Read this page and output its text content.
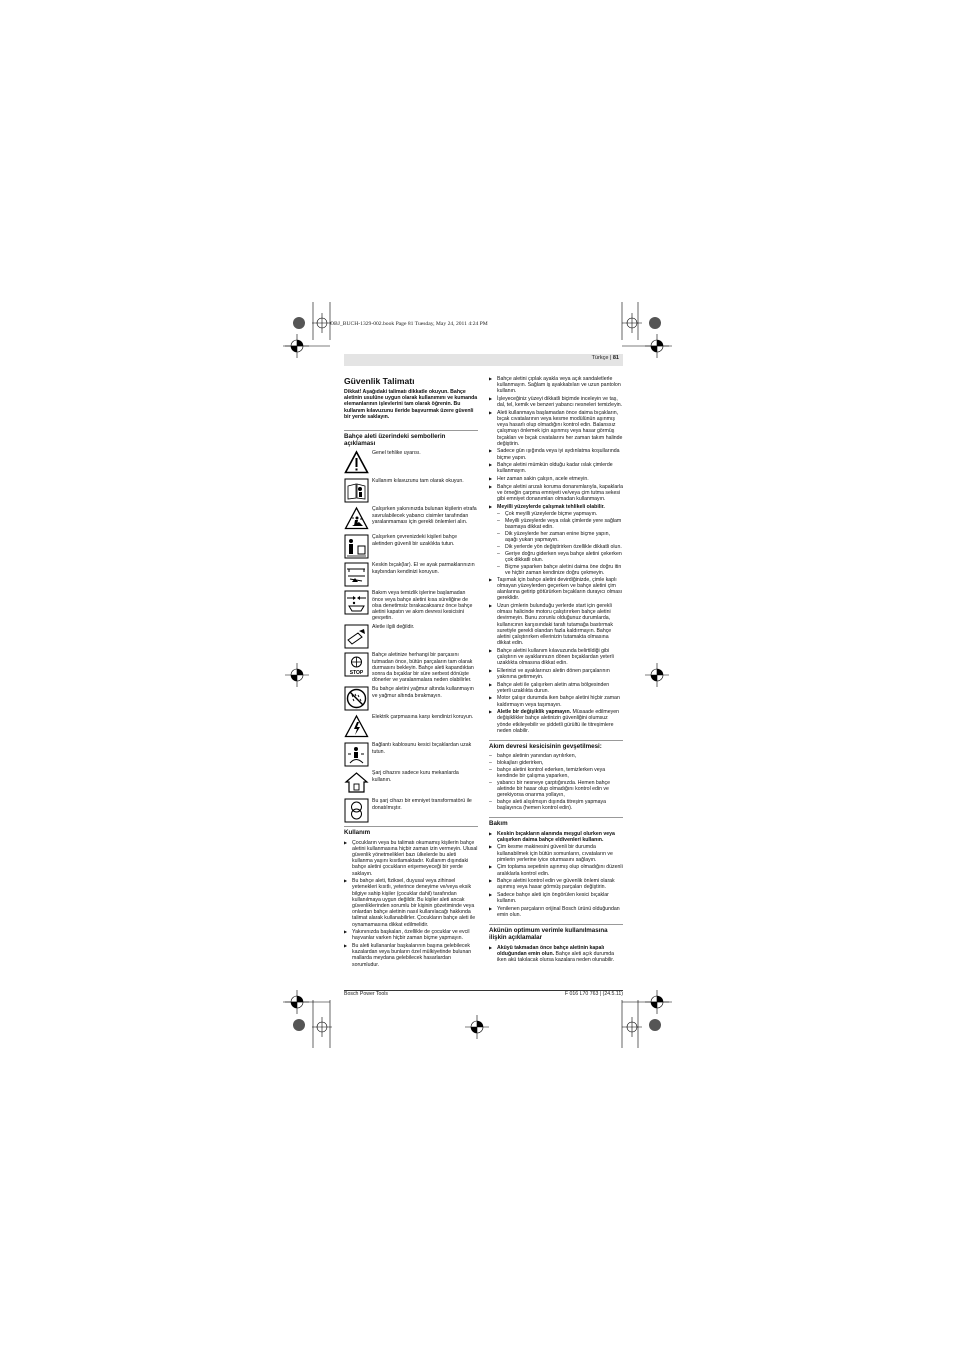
OBJ_BUCH-1329-002.book Page 81 Tuesday, May 24, 2011 4:24 PM
Türkçe | 81
Güvenlik Talimatı

Dikkat! Aşağıdaki talimatı dikkatle okuyun. Bahçe aletinin usulüne uygun olarak kullanımını ve kumanda elemanlarının işlevlerini tam olarak öğrenin. Bu kullanım kılavuzunu ileride başvurmak üzere güvenli bir yerde saklayın.

Bahçe aleti üzerindeki sembollerin açıklaması
Genel tehlike uyarısı.
Kullanım kılavuzunu tam olarak okuyun.
Çalışırken yakınınızda bulunan kişilerin etrafa savrulabilecek yabancı cisimler tarafından yaralanmaması için gerekli önlemleri alın.
Çalışırken çevrenizdeki kişileri bahçe aletinden güvenli bir uzaklıkta tutun.
Keskin bıçak(lar). El ve ayak parmaklarınızın kaybından kendinizi koruyun.
Bakım veya temizlik işlerine başlamadan önce veya bahçe aletini kısa süreliğine de olsa denetimsiz bırakacaksanız önce bahçe aletini kapatın ve akım devresi kesicisini gevşetin.
Aletle ilgili değildir.
STOP
Bahçe aletinize herhangi bir parçasını tutmadan önce, bütün parçaların tam olarak durmasını bekleyin. Bahçe aleti kapandıktan sonra da bıçaklar bir süre serbest dönüşte dönerler ve yaralanmalara neden olabilirler.
Bu bahçe aletini yağmur altında kullanmayın ve yağmur altında bırakmayın.
Elektrik çarpmasına karşı kendinizi koruyun.
Bağlantı kablosunu kesici bıçaklardan uzak tutun.
Şarj cihazını sadece kuru mekanlarda kullanın.
Bu şarj cihazı bir emniyet transformatörü ile donatılmıştır.
Kullanım
▶ Çocukların veya bu talimatı okumamış kişilerin bahçe aletini kullanmasına hiçbir zaman izin vermeyin. Ulusal güvenlik yönetmelikleri bazı ülkelerde bu aleti kullanma yaşını kısıtlamaktadır. Kullanım dışındaki bahçe aletini çocukların erişemeyeceği bir yerde saklayın.
▶ Bu bahçe aleti, fiziksel, duyusal veya zihinsel yetenekleri kısıtlı, yeterince deneyime ve/veya eksik bilgiye sahip kişiler (çocuklar dahil) tarafından kullanılmaya uygun değildir. Bu kişiler aleti ancak güvenliklerinden sorumlu bir kişinin gözetiminde veya onlardan bahçe aletinin nasıl kullanılacağı hakkında talimat alarak kullanabilirler. Çocukların bahçe aleti ile oynamamasına dikkat edilmelidir.
▶ Yakınınızda başkaları, özellikle de çocuklar ve evcil hayvanlar varken hiçbir zaman biçme yapmayın.
▶ Bu aleti kullananlar başkalarının başına gelebilecek kazalardan veya bunların özel mülkiyetinde bulunan mallarda meydana gelebilecek hasarlardan sorumludur.
▶ Bahçe aletini çıplak ayakla veya açık sandaletlerle kullanmayın. Sağlam iş ayakkabıları ve uzun pantolon kullanın.
▶ İşleyeceğiniz yüzeyi dikkatli biçimde inceleyin ve taş, dal, tel, kemik ve benzeri yabancı nesneleri temizleyin.
▶ Aleti kullanmaya başlamadan önce daima bıçakların, bıçak cıvatalarının veya kesme modülünün aşınmış veya hasarlı olup olmadığını kontrol edin. Balanssız çalışmayı önlemek için aşınmış veya hasar görmüş bıçakları ve bıçak cıvatalarını her zaman takım halinde değiştirin.
▶ Sadece gün ışığında veya iyi aydınlatma koşullarında biçme yapın.
▶ Bahçe aletini mümkün olduğu kadar ıslak çimlerde kullanmayın.
▶ Her zaman sakin çalışın, acele etmeyin.
▶ Bahçe aletini arızalı koruma donanımlarıyla, kapaklarla ve örneğin çarpma emniyeti ve/veya çim tutma sekesi gibi emniyet donanımları olmadan kullanmayın.
▶ Meyilli yüzeylerde çalışmak tehlikeli olabilir.
– Çok meyilli yüzeylerde biçme yapmayın.
– Meyilli yüzeylerde veya ıslak çimlerde yere sağlam basmaya dikkat edin.
– Dik yüzeylerde her zaman eninе biçme yapın, aşağı yukarı yapmayın.
– Dik yerlerde yön değiştirirken özellikle dikkatli olun.
– Geriye doğru giderken veya bahçe aletini çekerken çok dikkatli olun.
– Biçme yaparken bahçe aletini daima öne doğru itin ve hiçbir zaman kendinize doğru çekmeyin.
▶ Taşımak için bahçe aletini devirdiğinizde, çimle kaplı olmayan yüzeylerden geçerken ve bahçe aletini çim alanlarına getirip götürürken bıçakların durayıcı olması gereklidir.
▶ Uzun çimlerin bulunduğu yerlerde start için gerekli olması halicinde motoru çalıştırırken bahçe aletini devirmeyin. Bunu zorunlu olduğunuz durumlarda, kullanıcının karşısındaki tarafı tutamağa bastırmak suretiyle gerekli olandan fazla kaldırmayın. Bahçe aletini çalıştırırken ellerinizin tutamakta olmasına dikkat edin.
▶ Bahçe aletini kullanım kılavuzunda belirtildiği gibi çalıştırın ve ayaklarınızın dönen bıçaklardan yeterli uzaklıkta olmasına dikkat edin.
▶ Ellerinizi ve ayaklarınızı aletin dönen parçalarının yakınına getirmeyin.
▶ Bahçe aleti ile çalışırken aletin atma bölgesinden yeterli uzaklıkta durun.
▶ Motor çalışır durumda iken bahçe aletini hiçbir zaman kaldırmayın veya taşımayın.
▶ Aletle bir değişiklik yapmayın. Müsaade edilmeyen değişiklikler bahçe aletinizin güvenliğini olumsuz yönde etkileyebilir ve şiddetli gürültü ile titreşimlere neden olabilir.
Akım devresi kesicisinin gevşetilmesi:
– bahçe aletinin yanından ayrılırken,
– blokajları giderirken,
– bahçe aletini kontrol ederken, temizlerken veya kendinde bir çalışma yaparken,
– yabancı bir nesneye çarptığınızda. Hemen bahçe aletinde bir hasar olup olmadığını kontrol edin ve gerekiyorsa onarıma yollayın,
– bahçe aleti alışılmışın dışında titreşim yapmaya başlayınca (hemen kontrol edin).
Bakım
▶ Keskin bıçakların alanında meşgul olurken veya çalışırken daima bahçe eldivenleri kullanın.
▶ Çim kesme makinesini güvenli bir durumda kullanabilmek için bütün somunların, cıvataların ve pimlerin yerlerine iyice oturmasını sağlayın.
▶ Çim toplama sepetinin aşınmış olup olmadığını düzenli aralıklarla kontrol edin.
▶ Bahçe aletini kontrol edin ve güvenlik önlemi olarak aşınmış veya hasar görmüş parçaları değiştirin.
▶ Sadece bahçe aleti için öngörülen kesici bıçaklar kullanın.
▶ Yenilenen parçaların orijinal Bosch ürünü olduğundan emin olun.
Akünün optimum verimle kullanılmasına ilişkin açıklamalar
▶ Aküyü takmadan önce bahçe aletinin kapalı olduğundan emin olun. Bahçe aleti açık durumda iken akü takılacak olursa kazalara neden olunabilir.
Bosch Power Tools	F 016 L70 763 | (24.5.11)
